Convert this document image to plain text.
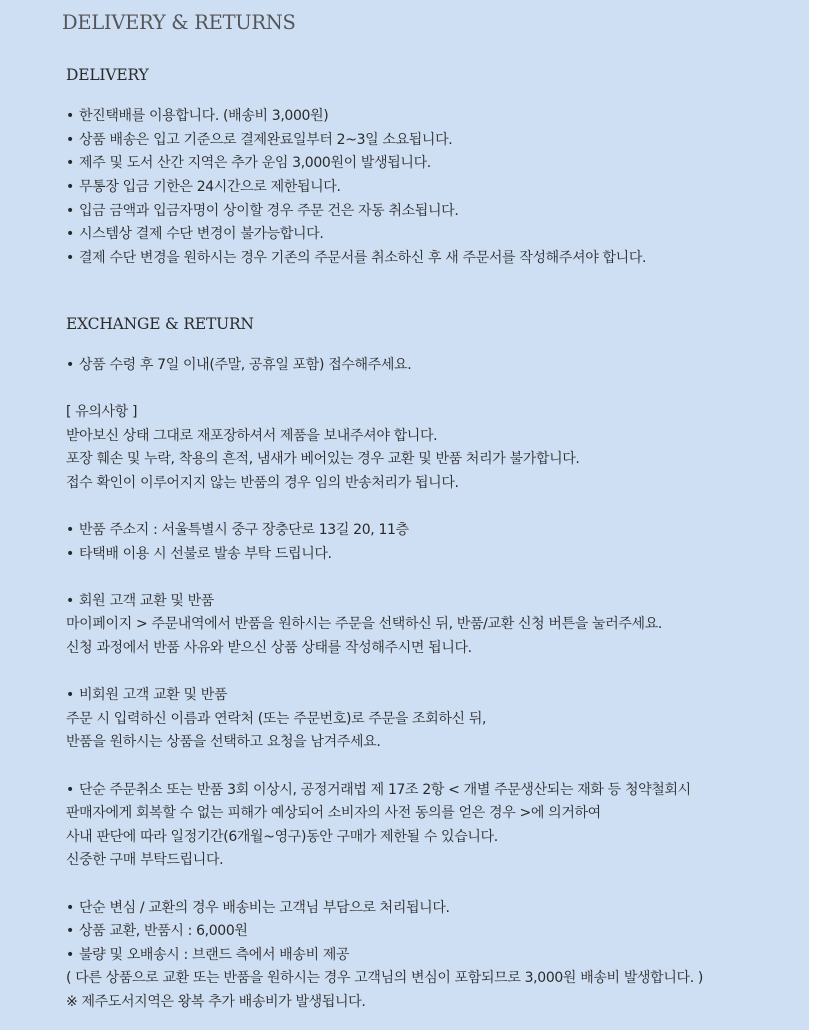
DELIVERY & RETURNS
DELIVERY
• 한진택배를 이용합니다. (배송비 3,000원)
• 상품 배송은 입고 기준으로 결제완료일부터 2~3일 소요됩니다.
• 제주 및 도서 산간 지역은 추가 운임 3,000원이 발생됩니다.
• 무통장 입금 기한은 24시간으로 제한됩니다.
• 입금 금액과 입금자명이 상이할 경우 주문 건은 자동 취소됩니다.
• 시스템상 결제 수단 변경이 불가능합니다.
• 결제 수단 변경을 원하시는 경우 기존의 주문서를 취소하신 후 새 주문서를 작성해주셔야 합니다.
EXCHANGE & RETURN
• 상품 수령 후 7일 이내(주말, 공휴일 포함) 접수해주세요.
[ 유의사항 ]
받아보신 상태 그대로 재포장하셔서 제품을 보내주셔야 합니다.
포장 훼손 및 누락, 착용의 흔적, 냄새가 베어있는 경우 교환 및 반품 처리가 불가합니다.
접수 확인이 이루어지지 않는 반품의 경우 임의 반송처리가 됩니다.
• 반품 주소지 : 서울특별시 중구 장충단로 13길 20, 11층
• 타택배 이용 시 선불로 발송 부탁 드립니다.
• 회원 고객 교환 및 반품
마이페이지 > 주문내역에서 반품을 원하시는 주문을 선택하신 뒤, 반품/교환 신청 버튼을 눌러주세요.
신청 과정에서 반품 사유와 받으신 상품 상태를 작성해주시면 됩니다.
• 비회원 고객 교환 및 반품
주문 시 입력하신 이름과 연락처 (또는 주문번호)로 주문을 조회하신 뒤,
반품을 원하시는 상품을 선택하고 요청을 남겨주세요.
• 단순 주문취소 또는 반품 3회 이상시, 공정거래법 제 17조 2항 < 개별 주문생산되는 재화 등 청약철회시
판매자에게 회복할 수 없는 피해가 예상되어 소비자의 사전 동의를 얻은 경우 >에 의거하여
사내 판단에 따라 일정기간(6개월~영구)동안 구매가 제한될 수 있습니다.
신중한 구매 부탁드립니다.
• 단순 변심 / 교환의 경우 배송비는 고객님 부담으로 처리됩니다.
• 상품 교환, 반품시 : 6,000원
• 불량 및 오배송시 : 브랜드 측에서 배송비 제공
( 다른 상품으로 교환 또는 반품을 원하시는 경우 고객님의 변심이 포함되므로 3,000원 배송비 발생합니다. )
※ 제주도서지역은 왕복 추가 배송비가 발생됩니다.
